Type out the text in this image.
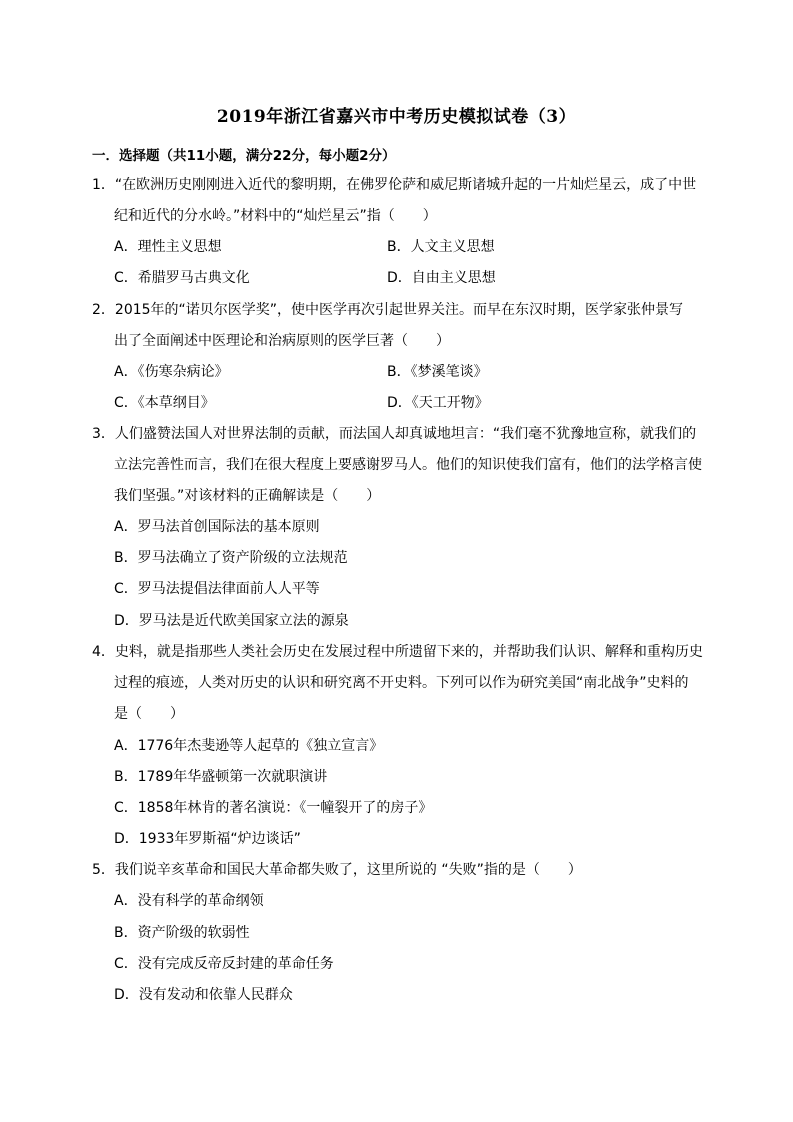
2019年浙江省嘉兴市中考历史模拟试卷（3）
一．选择题（共11小题，满分22分，每小题2分）
1．“在欧洲历史刚刚进入近代的黎明期，在佛罗伦萨和威尼斯诸城升起的一片灿烂星云，成了中世
纪和近代的分水岭。”材料中的“灿烂星云”指（　　）
A．理性主义思想	B．人文主义思想
C．希腊罗马古典文化	D．自由主义思想
2．2015年的“诺贝尔医学奖”，使中医学再次引起世界关注。而早在东汉时期，医学家张仲景写
出了全面阐述中医理论和治病原则的医学巨著（　　）
A．《伤寒杂病论》	B．《梦溪笔谈》
C．《本草纲目》	D．《天工开物》
3．人们盛赞法国人对世界法制的贡献，而法国人却真诚地坦言：“我们毫不犹豫地宣称，就我们的
立法完善性而言，我们在很大程度上要感谢罗马人。他们的知识使我们富有，他们的法学格言使
我们坚强。”对该材料的正确解读是（　　）
A．罗马法首创国际法的基本原则
B．罗马法确立了资产阶级的立法规范
C．罗马法提倡法律面前人人平等
D．罗马法是近代欧美国家立法的源泉
4．史料，就是指那些人类社会历史在发展过程中所遗留下来的，并帮助我们认识、解释和重构历史
过程的痕迹，人类对历史的认识和研究离不开史料。下列可以作为研究美国“南北战争”史料的
是（　　）
A．1776年杰斐逊等人起草的《独立宣言》
B．1789年华盛顿第一次就职演讲
C．1858年林肯的著名演说：《一幢裂开了的房子》
D．1933年罗斯福“炉边谈话”
5．我们说辛亥革命和国民大革命都失败了，这里所说的 “失败”指的是（　　）
A．没有科学的革命纲领
B．资产阶级的软弱性
C．没有完成反帝反封建的革命任务
D．没有发动和依靠人民群众
